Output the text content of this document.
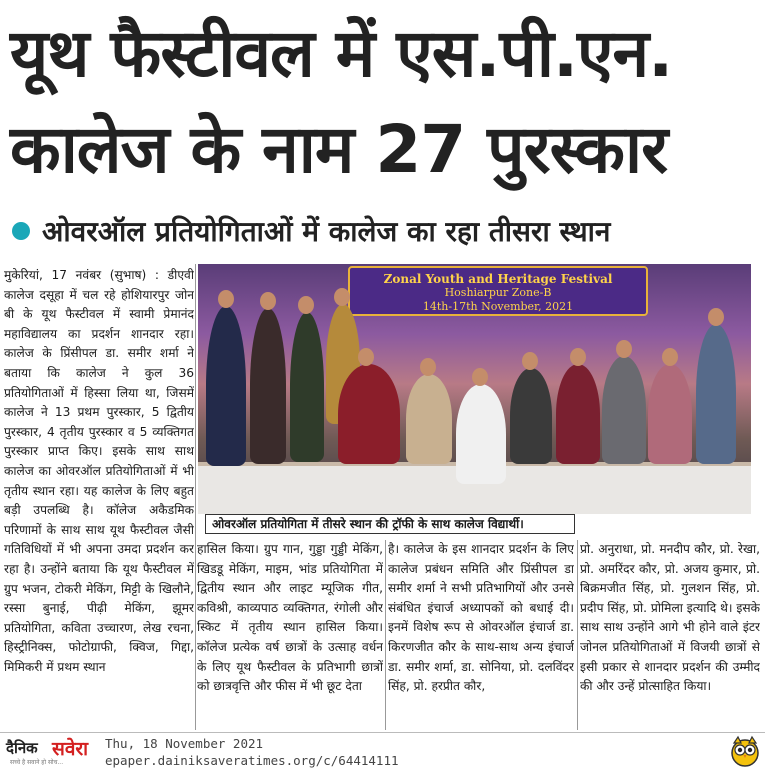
यूथ फैस्टीवल में एस.पी.एन.
कालेज के नाम 27 पुरस्कार
ओवरऑल प्रतियोगिताओं में कालेज का रहा तीसरा स्थान
Zonal Youth and Heritage Festival
Hoshiarpur Zone-B
14th-17th November, 2021
ओवरऑल प्रतियोगिता में तीसरे स्थान की ट्रॉफी के साथ कालेज विद्यार्थी।

मुकेरियां, 17 नवंबर (सुभाष) : डीएवी कालेज दसूहा में चल रहे होशियारपुर जोन बी के यूथ फैस्टीवल में स्वामी प्रेमानंद महाविद्यालय का प्रदर्शन शानदार रहा। कालेज के प्रिंसीपल डा. समीर शर्मा ने बताया कि कालेज ने कुल 36 प्रतियोगिताओं में हिस्सा लिया था, जिसमें कालेज ने 13 प्रथम पुरस्कार, 5 द्वितीय पुरस्कार, 4 तृतीय पुरस्कार व 5 व्यक्तिगत पुरस्कार प्राप्त किए। इसके साथ साथ कालेज का ओवरऑल प्रतियोगिताओं में भी तृतीय स्थान रहा। यह कालेज के लिए बहुत बड़ी उपलब्धि है। कॉलेज अकैडमिक परिणामों के साथ साथ यूथ फैस्टीवल जैसी गतिविधियों में भी अपना उमदा प्रदर्शन कर रहा है। उन्होंने बताया कि यूथ फैस्टीवल में ग्रुप भजन, टोकरी मेकिंग, मिट्टी के खिलौने, रस्सा बुनाई, पीढ़ी मेकिंग, झूमर प्रतियोगिता, कविता उच्चारण, लेख रचना, हिस्ट्रीनिक्स, फोटोग्राफी, क्विज, गिद्दा, मिमिकरी में प्रथम स्थान

हासिल किया। ग्रुप गान, गुड्डा गुड्डी मेकिंग, खिडडू मेकिंग, माइम, भांड प्रतियोगिता में द्वितीय स्थान और लाइट म्यूजिक गीत, कविश्री, काव्यपाठ व्यक्तिगत, रंगोली और स्किट में तृतीय स्थान हासिल किया। कॉलेज प्रत्येक वर्ष छात्रों के उत्साह वर्धन के लिए यूथ फैस्टीवल के प्रतिभागी छात्रों को छात्रवृत्ति और फीस में भी छूट देता

है। कालेज के इस शानदार प्रदर्शन के लिए कालेज प्रबंधन समिति और प्रिंसीपल डा समीर शर्मा ने सभी प्रतिभागियों और उनसे संबंधित इंचार्ज अध्यापकों को बधाई दी। इनमें विशेष रूप से ओवरऑल इंचार्ज डा. किरणजीत कौर के साथ-साथ अन्य इंचार्ज डा. समीर शर्मा, डा. सोनिया, प्रो. दलविंदर सिंह, प्रो. हरप्रीत कौर,

प्रो. अनुराधा, प्रो. मनदीप कौर, प्रो. रेखा, प्रो. अमरिंदर कौर, प्रो. अजय कुमार, प्रो. बिक्रमजीत सिंह, प्रो. गुलशन सिंह, प्रो. प्रदीप सिंह, प्रो. प्रोमिला इत्यादि थे। इसके साथ साथ उन्होंने आगे भी होने वाले इंटर जोनल प्रतियोगिताओं में विजयी छात्रों से इसी प्रकार से शानदार प्रदर्शन की उम्मीद की और उन्हें प्रोत्साहित किया।

दैनिक सवेरा
सच्चे है सवाने हो सोच...
Thu, 18 November 2021
epaper.dainiksaveratimes.org/c/64414111
